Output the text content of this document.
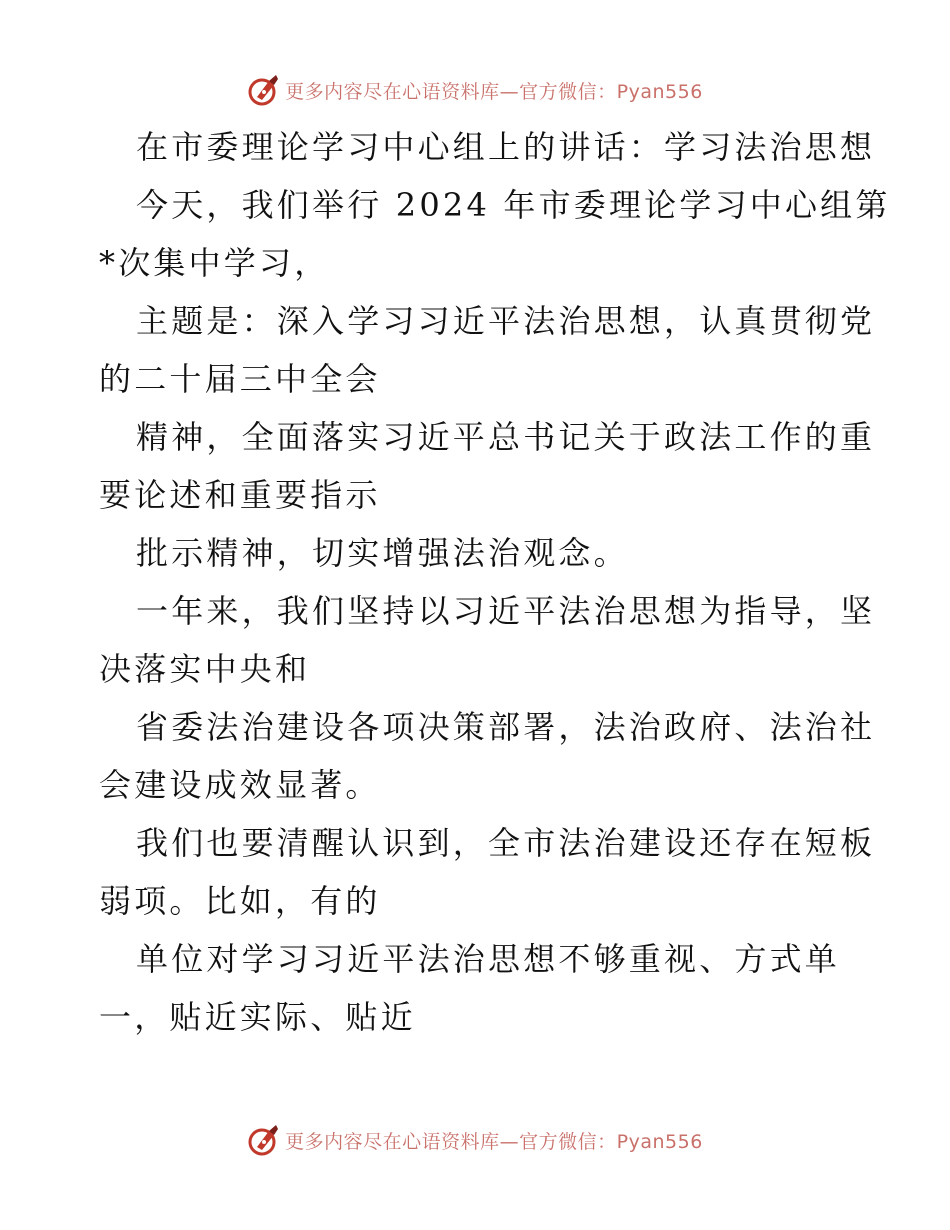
更多内容尽在心语资料库—官方微信：Pyan556
在市委理论学习中心组上的讲话：学习法治思想
今天，我们举行 2024 年市委理论学习中心组第
*次集中学习，
主题是：深入学习习近平法治思想，认真贯彻党
的二十届三中全会
精神，全面落实习近平总书记关于政法工作的重
要论述和重要指示
批示精神，切实增强法治观念。
一年来，我们坚持以习近平法治思想为指导，坚
决落实中央和
省委法治建设各项决策部署，法治政府、法治社
会建设成效显著。
我们也要清醒认识到，全市法治建设还存在短板
弱项。比如，有的
单位对学习习近平法治思想不够重视、方式单
一，贴近实际、贴近
更多内容尽在心语资料库—官方微信：Pyan556
